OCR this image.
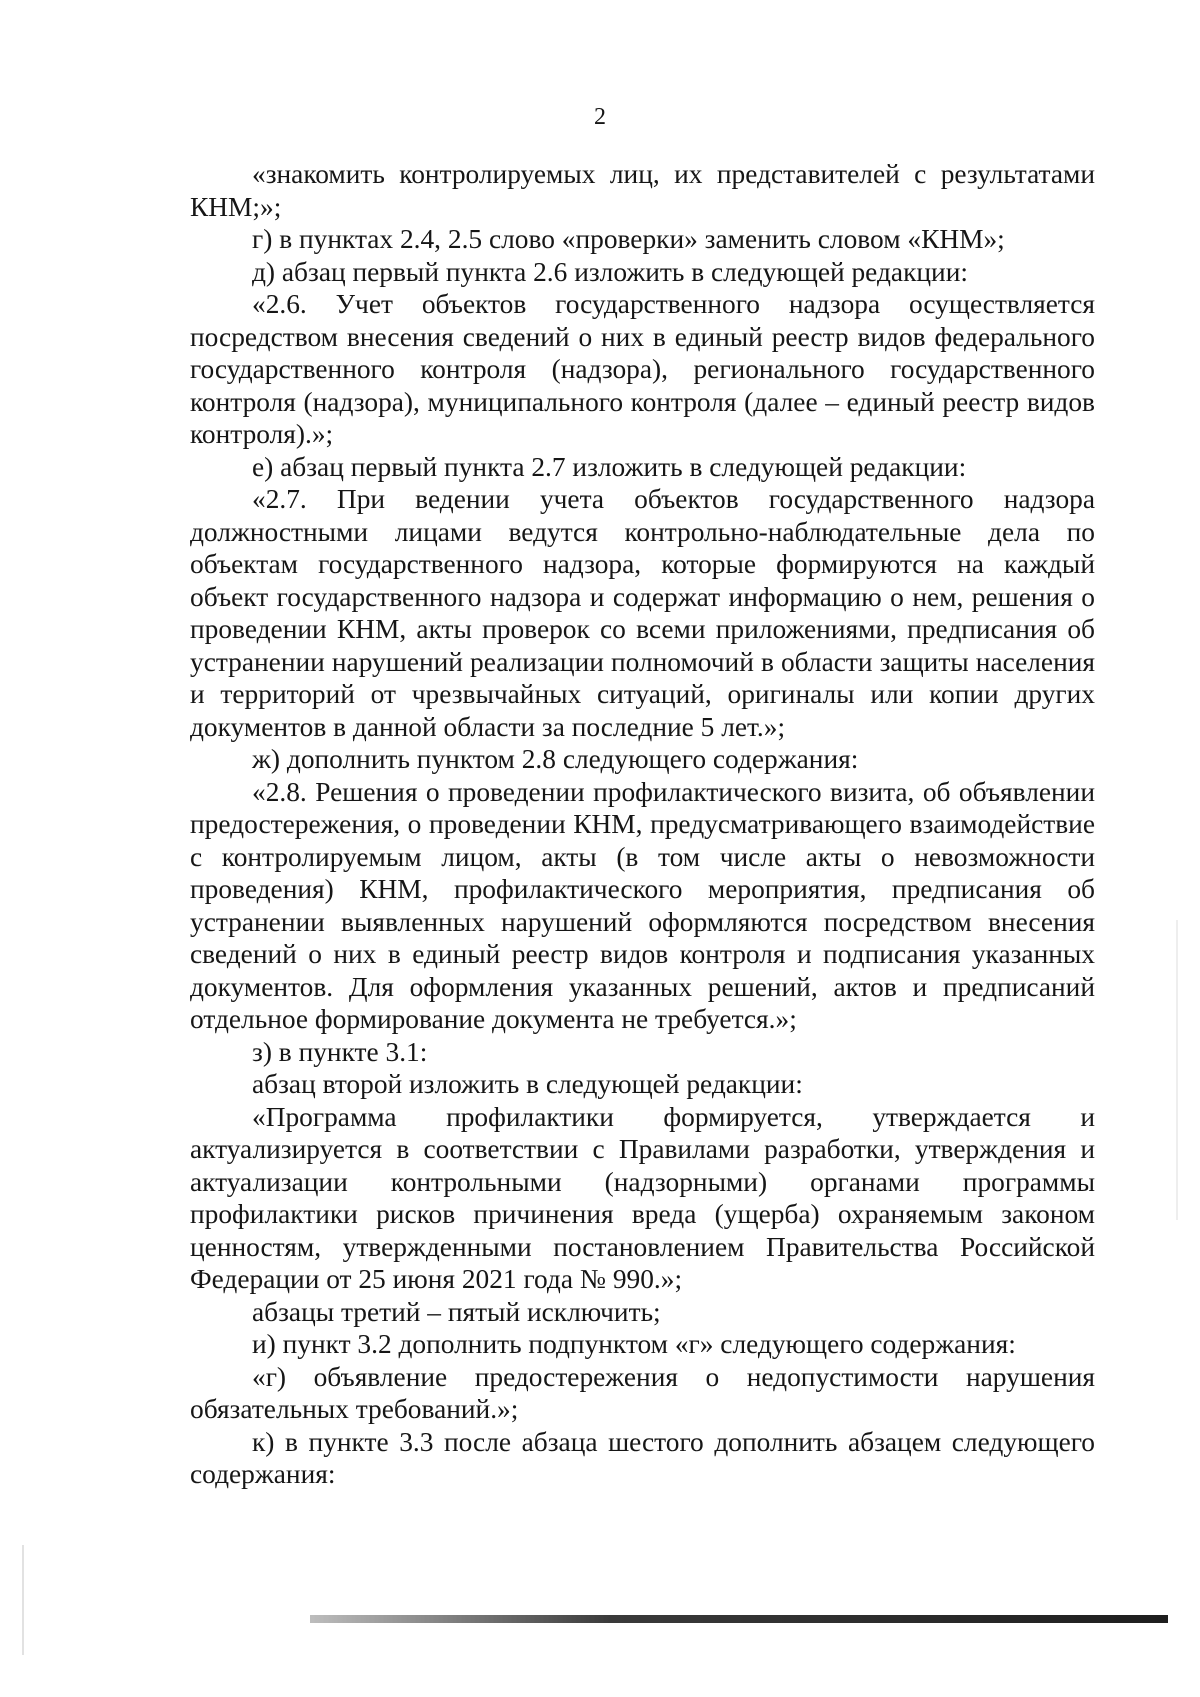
2

«знакомить контролируемых лиц, их представителей с результатами КНМ;»;

г) в пунктах 2.4, 2.5 слово «проверки» заменить словом «КНМ»;

д) абзац первый пункта 2.6 изложить в следующей редакции:

«2.6. Учет объектов государственного надзора осуществляется посредством внесения сведений о них в единый реестр видов федерального государственного контроля (надзора), регионального государственного контроля (надзора), муниципального контроля (далее – единый реестр видов контроля).»;

е) абзац первый пункта 2.7 изложить в следующей редакции:

«2.7. При ведении учета объектов государственного надзора должностными лицами ведутся контрольно-наблюдательные дела по объектам государственного надзора, которые формируются на каждый объект государственного надзора и содержат информацию о нем, решения о проведении КНМ, акты проверок со всеми приложениями, предписания об устранении нарушений реализации полномочий в области защиты населения и территорий от чрезвычайных ситуаций, оригиналы или копии других документов в данной области за последние 5 лет.»;

ж) дополнить пунктом 2.8 следующего содержания:

«2.8. Решения о проведении профилактического визита, об объявлении предостережения, о проведении КНМ, предусматривающего взаимодействие с контролируемым лицом, акты (в том числе акты о невозможности проведения) КНМ, профилактического мероприятия, предписания об устранении выявленных нарушений оформляются посредством внесения сведений о них в единый реестр видов контроля и подписания указанных документов. Для оформления указанных решений, актов и предписаний отдельное формирование документа не требуется.»;

з) в пункте 3.1:

абзац второй изложить в следующей редакции:

«Программа профилактики формируется, утверждается и актуализируется в соответствии с Правилами разработки, утверждения и актуализации контрольными (надзорными) органами программы профилактики рисков причинения вреда (ущерба) охраняемым законом ценностям, утвержденными постановлением Правительства Российской Федерации от 25 июня 2021 года № 990.»;

абзацы третий – пятый исключить;

и) пункт 3.2 дополнить подпунктом «г» следующего содержания:

«г) объявление предостережения о недопустимости нарушения обязательных требований.»;

к) в пункте 3.3 после абзаца шестого дополнить абзацем следующего содержания:
